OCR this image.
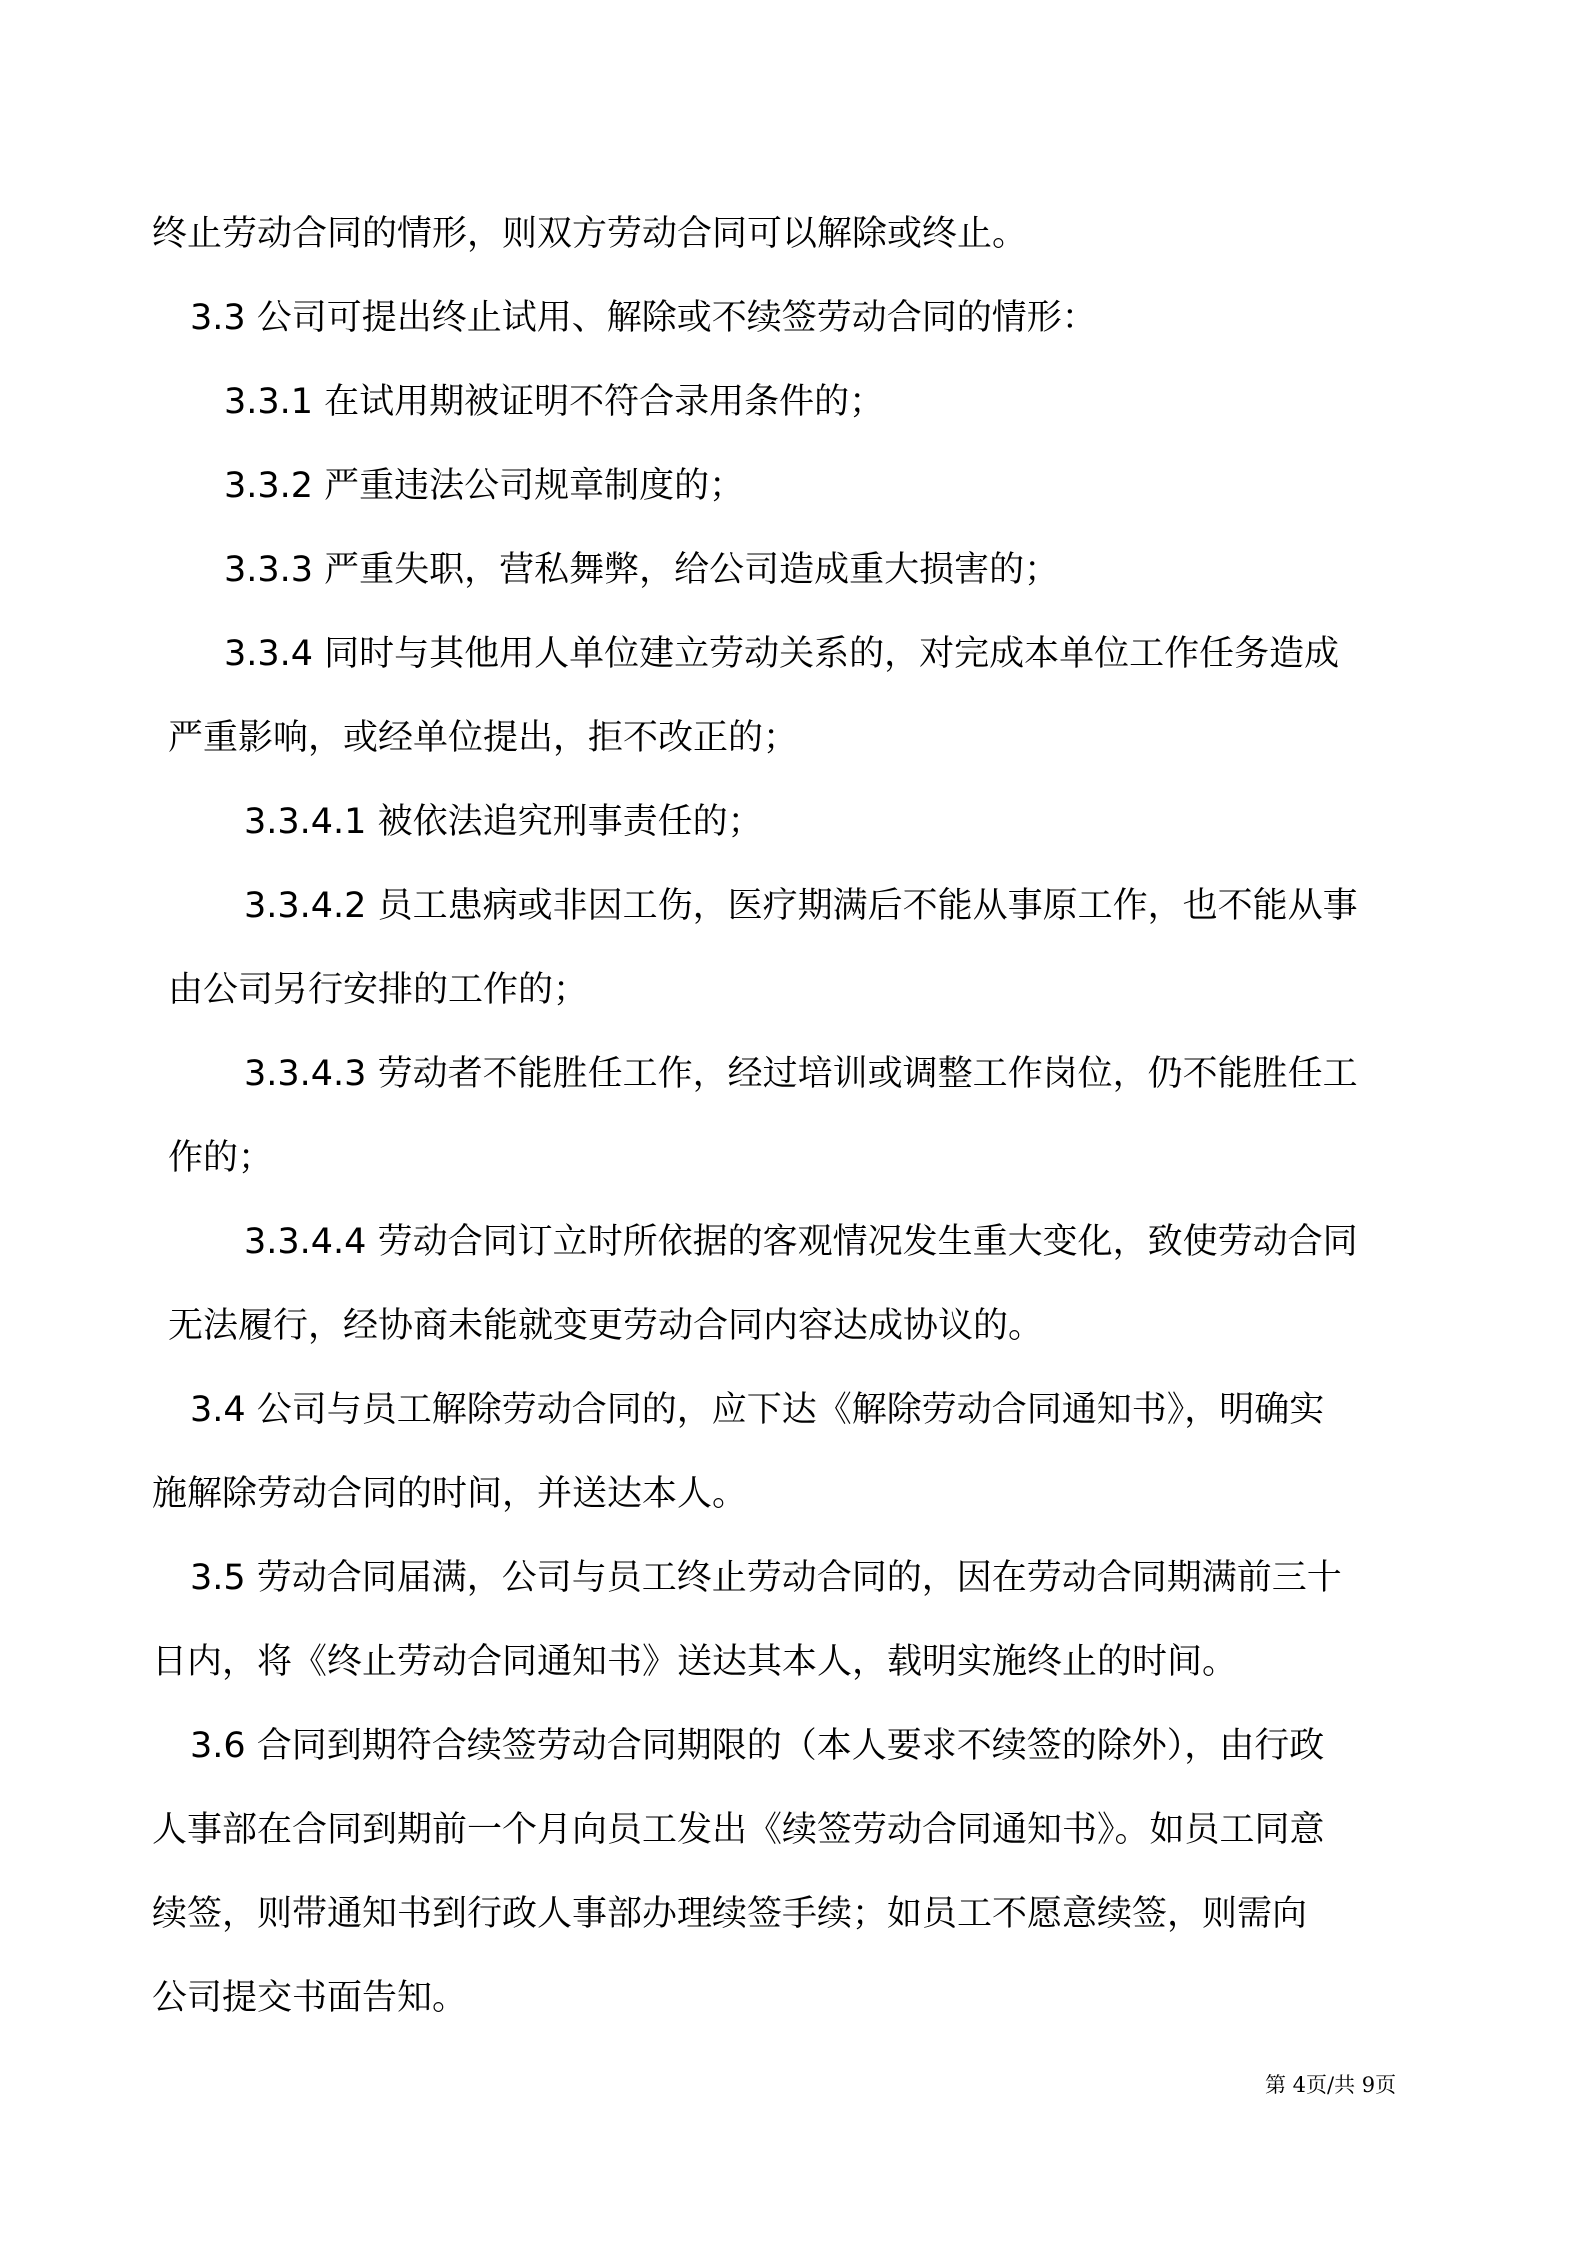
终止劳动合同的情形，则双方劳动合同可以解除或终止。
3.3 公司可提出终止试用、解除或不续签劳动合同的情形：
3.3.1 在试用期被证明不符合录用条件的；
3.3.2 严重违法公司规章制度的；
3.3.3 严重失职，营私舞弊，给公司造成重大损害的；
3.3.4 同时与其他用人单位建立劳动关系的，对完成本单位工作任务造成
严重影响，或经单位提出，拒不改正的；
3.3.4.1 被依法追究刑事责任的；
3.3.4.2 员工患病或非因工伤，医疗期满后不能从事原工作，也不能从事
由公司另行安排的工作的；
3.3.4.3 劳动者不能胜任工作，经过培训或调整工作岗位，仍不能胜任工
作的；
3.3.4.4 劳动合同订立时所依据的客观情况发生重大变化，致使劳动合同
无法履行，经协商未能就变更劳动合同内容达成协议的。
3.4 公司与员工解除劳动合同的，应下达《解除劳动合同通知书》，明确实
施解除劳动合同的时间，并送达本人。
3.5 劳动合同届满，公司与员工终止劳动合同的，因在劳动合同期满前三十
日内，将《终止劳动合同通知书》送达其本人，载明实施终止的时间。
3.6 合同到期符合续签劳动合同期限的（本人要求不续签的除外），由行政
人事部在合同到期前一个月向员工发出《续签劳动合同通知书》。如员工同意
续签，则带通知书到行政人事部办理续签手续；如员工不愿意续签，则需向
公司提交书面告知。
第 4页/共 9页
